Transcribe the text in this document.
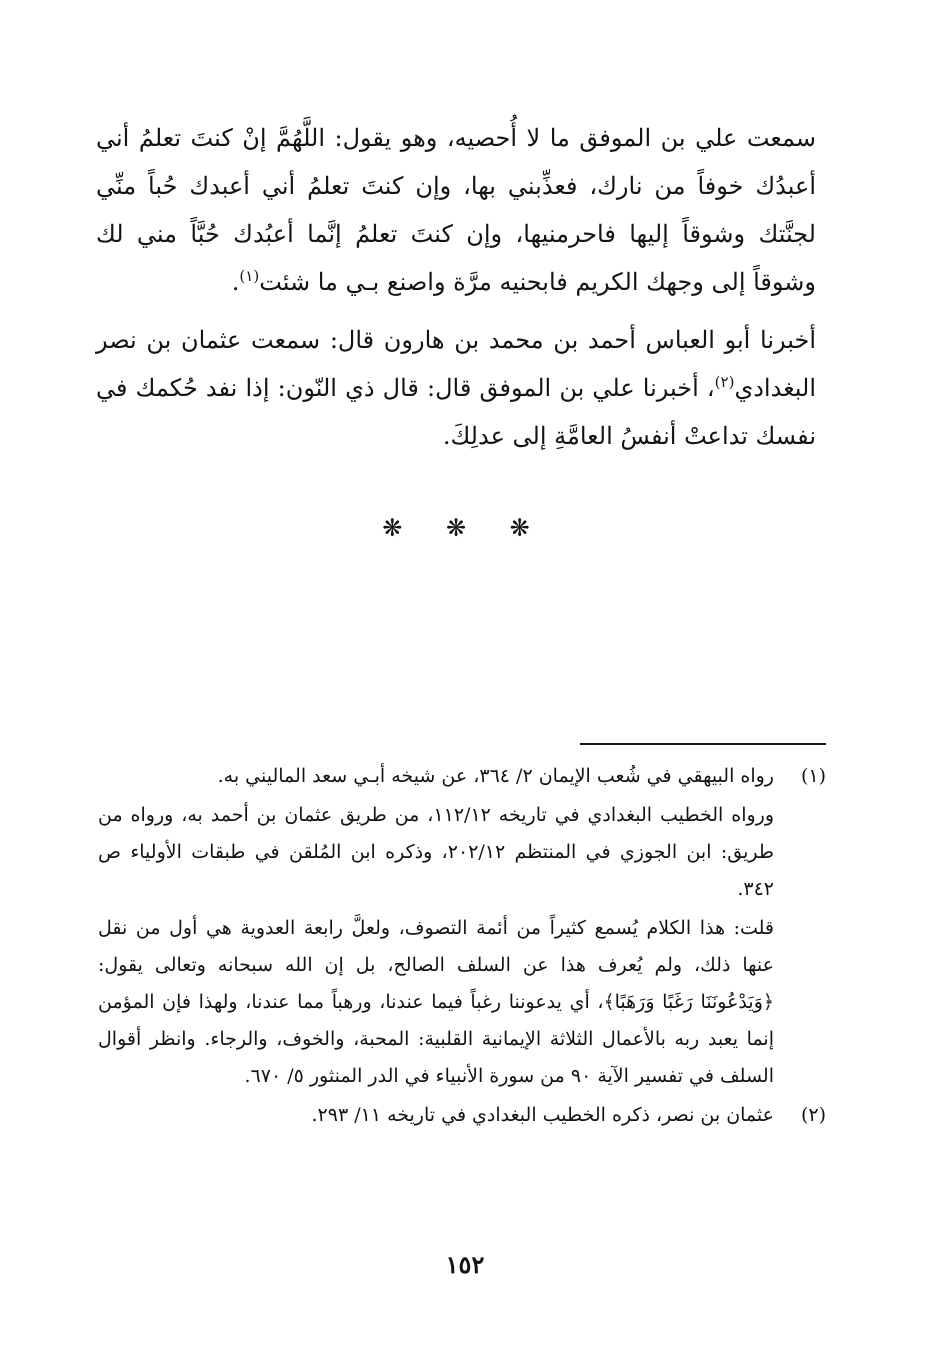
سمعت علي بن الموفق ما لا أُحصيه، وهو يقول: اللَّهُمَّ إنْ كنتَ تعلمُ أني أعبدُك خوفاً من نارك، فعذِّبني بها، وإن كنتَ تعلمُ أني أعبدك حُباً منِّي لجنَّتك وشوقاً إليها فاحرمنيها، وإن كنتَ تعلمُ إنَّما أعبُدك حُبَّاً مني لك وشوقاً إلى وجهك الكريم فابحنيه مرَّة واصنع بـي ما شئت$^{(١)}$.

أخبرنا أبو العباس أحمد بن محمد بن هارون قال: سمعت عثمان بن نصر البغدادي$^{(٢)}$، أخبرنا علي بن الموفق قال: قال ذي النّون: إذا نفد حُكمك في نفسك تداعتْ أنفسُ العامَّةِ إلى عدلِكَ.

❋ ❋ ❋
(١)

رواه البيهقي في شُعب الإيمان ٢/ ٣٦٤، عن شيخه أبـي سعد الماليني به.

ورواه الخطيب البغدادي في تاريخه ١١٢/١٢، من طريق عثمان بن أحمد به، ورواه من طريق: ابن الجوزي في المنتظم ٢٠٢/١٢، وذكره ابن المُلقن في طبقات الأولياء ص ٣٤٢.

قلت: هذا الكلام يُسمع كثيراً من أئمة التصوف، ولعلَّ رابعة العدوية هي أول من نقل عنها ذلك، ولم يُعرف هذا عن السلف الصالح، بل إن الله سبحانه وتعالى يقول: ﴿وَيَدْعُونَنَا رَغَبًا وَرَهَبًا﴾، أي يدعوننا رغباً فيما عندنا، ورهباً مما عندنا، ولهذا فإن المؤمن إنما يعبد ربه بالأعمال الثلاثة الإيمانية القلبية: المحبة، والخوف، والرجاء. وانظر أقوال السلف في تفسير الآية ٩٠ من سورة الأنبياء في الدر المنثور ٥/ ٦٧٠.

(٢)

عثمان بن نصر، ذكره الخطيب البغدادي في تاريخه ١١/ ٢٩٣.

١٥٢
